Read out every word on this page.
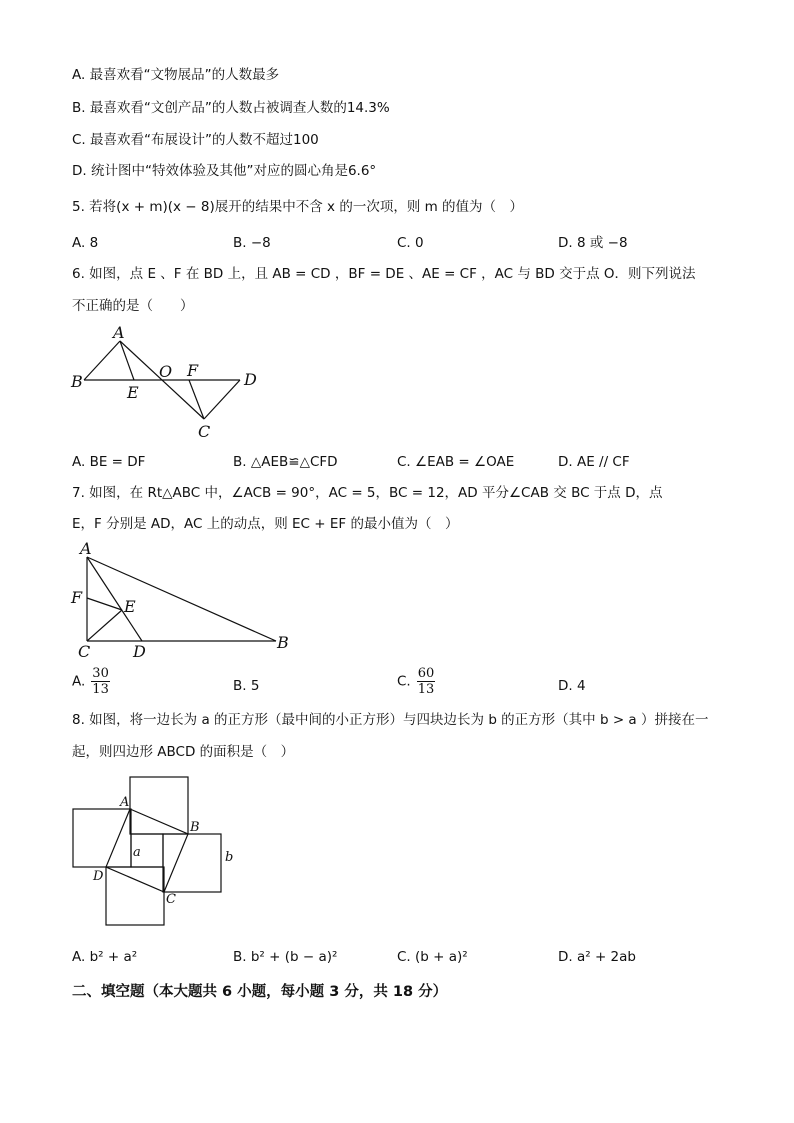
A. 最喜欢看“文物展品”的人数最多
B. 最喜欢看“文创产品”的人数占被调查人数的14.3%
C. 最喜欢看“布展设计”的人数不超过100
D. 统计图中“特效体验及其他”对应的圆心角是6.6°
5. 若将(x + m)(x − 8)展开的结果中不含 x 的一次项，则 m 的值为（　）
A. 8	B. −8	C. 0	D. 8 或 −8
6. 如图，点 E 、F 在 BD 上，且 AB = CD ，BF = DE 、AE = CF ，AC 与 BD 交于点 O．则下列说法
不正确的是（　　）
A
B
E
O F	D
C
A. BE = DF	B. △AEB≌△CFD	C. ∠EAB = ∠OAE	D. AE // CF
7. 如图，在 Rt△ABC 中，∠ACB = 90°，AC = 5，BC = 12，AD 平分∠CAB 交 BC 于点 D，点
E，F 分别是 AD，AC 上的动点，则 EC + EF 的最小值为（　）
A
F	E
C	D	B
A. $\frac{30}{13}$	B. 5	C. $\frac{60}{13}$	D. 4
8. 如图，将一边长为 a 的正方形（最中间的小正方形）与四块边长为 b 的正方形（其中 b > a ）拼接在一
起，则四边形 ABCD 的面积是（　）
A
B
C
D
a	b
A. b² + a²	B. b² + (b − a)²	C. (b + a)²	D. a² + 2ab
二、填空题（本大题共 6 小题，每小题 3 分，共 18 分）
